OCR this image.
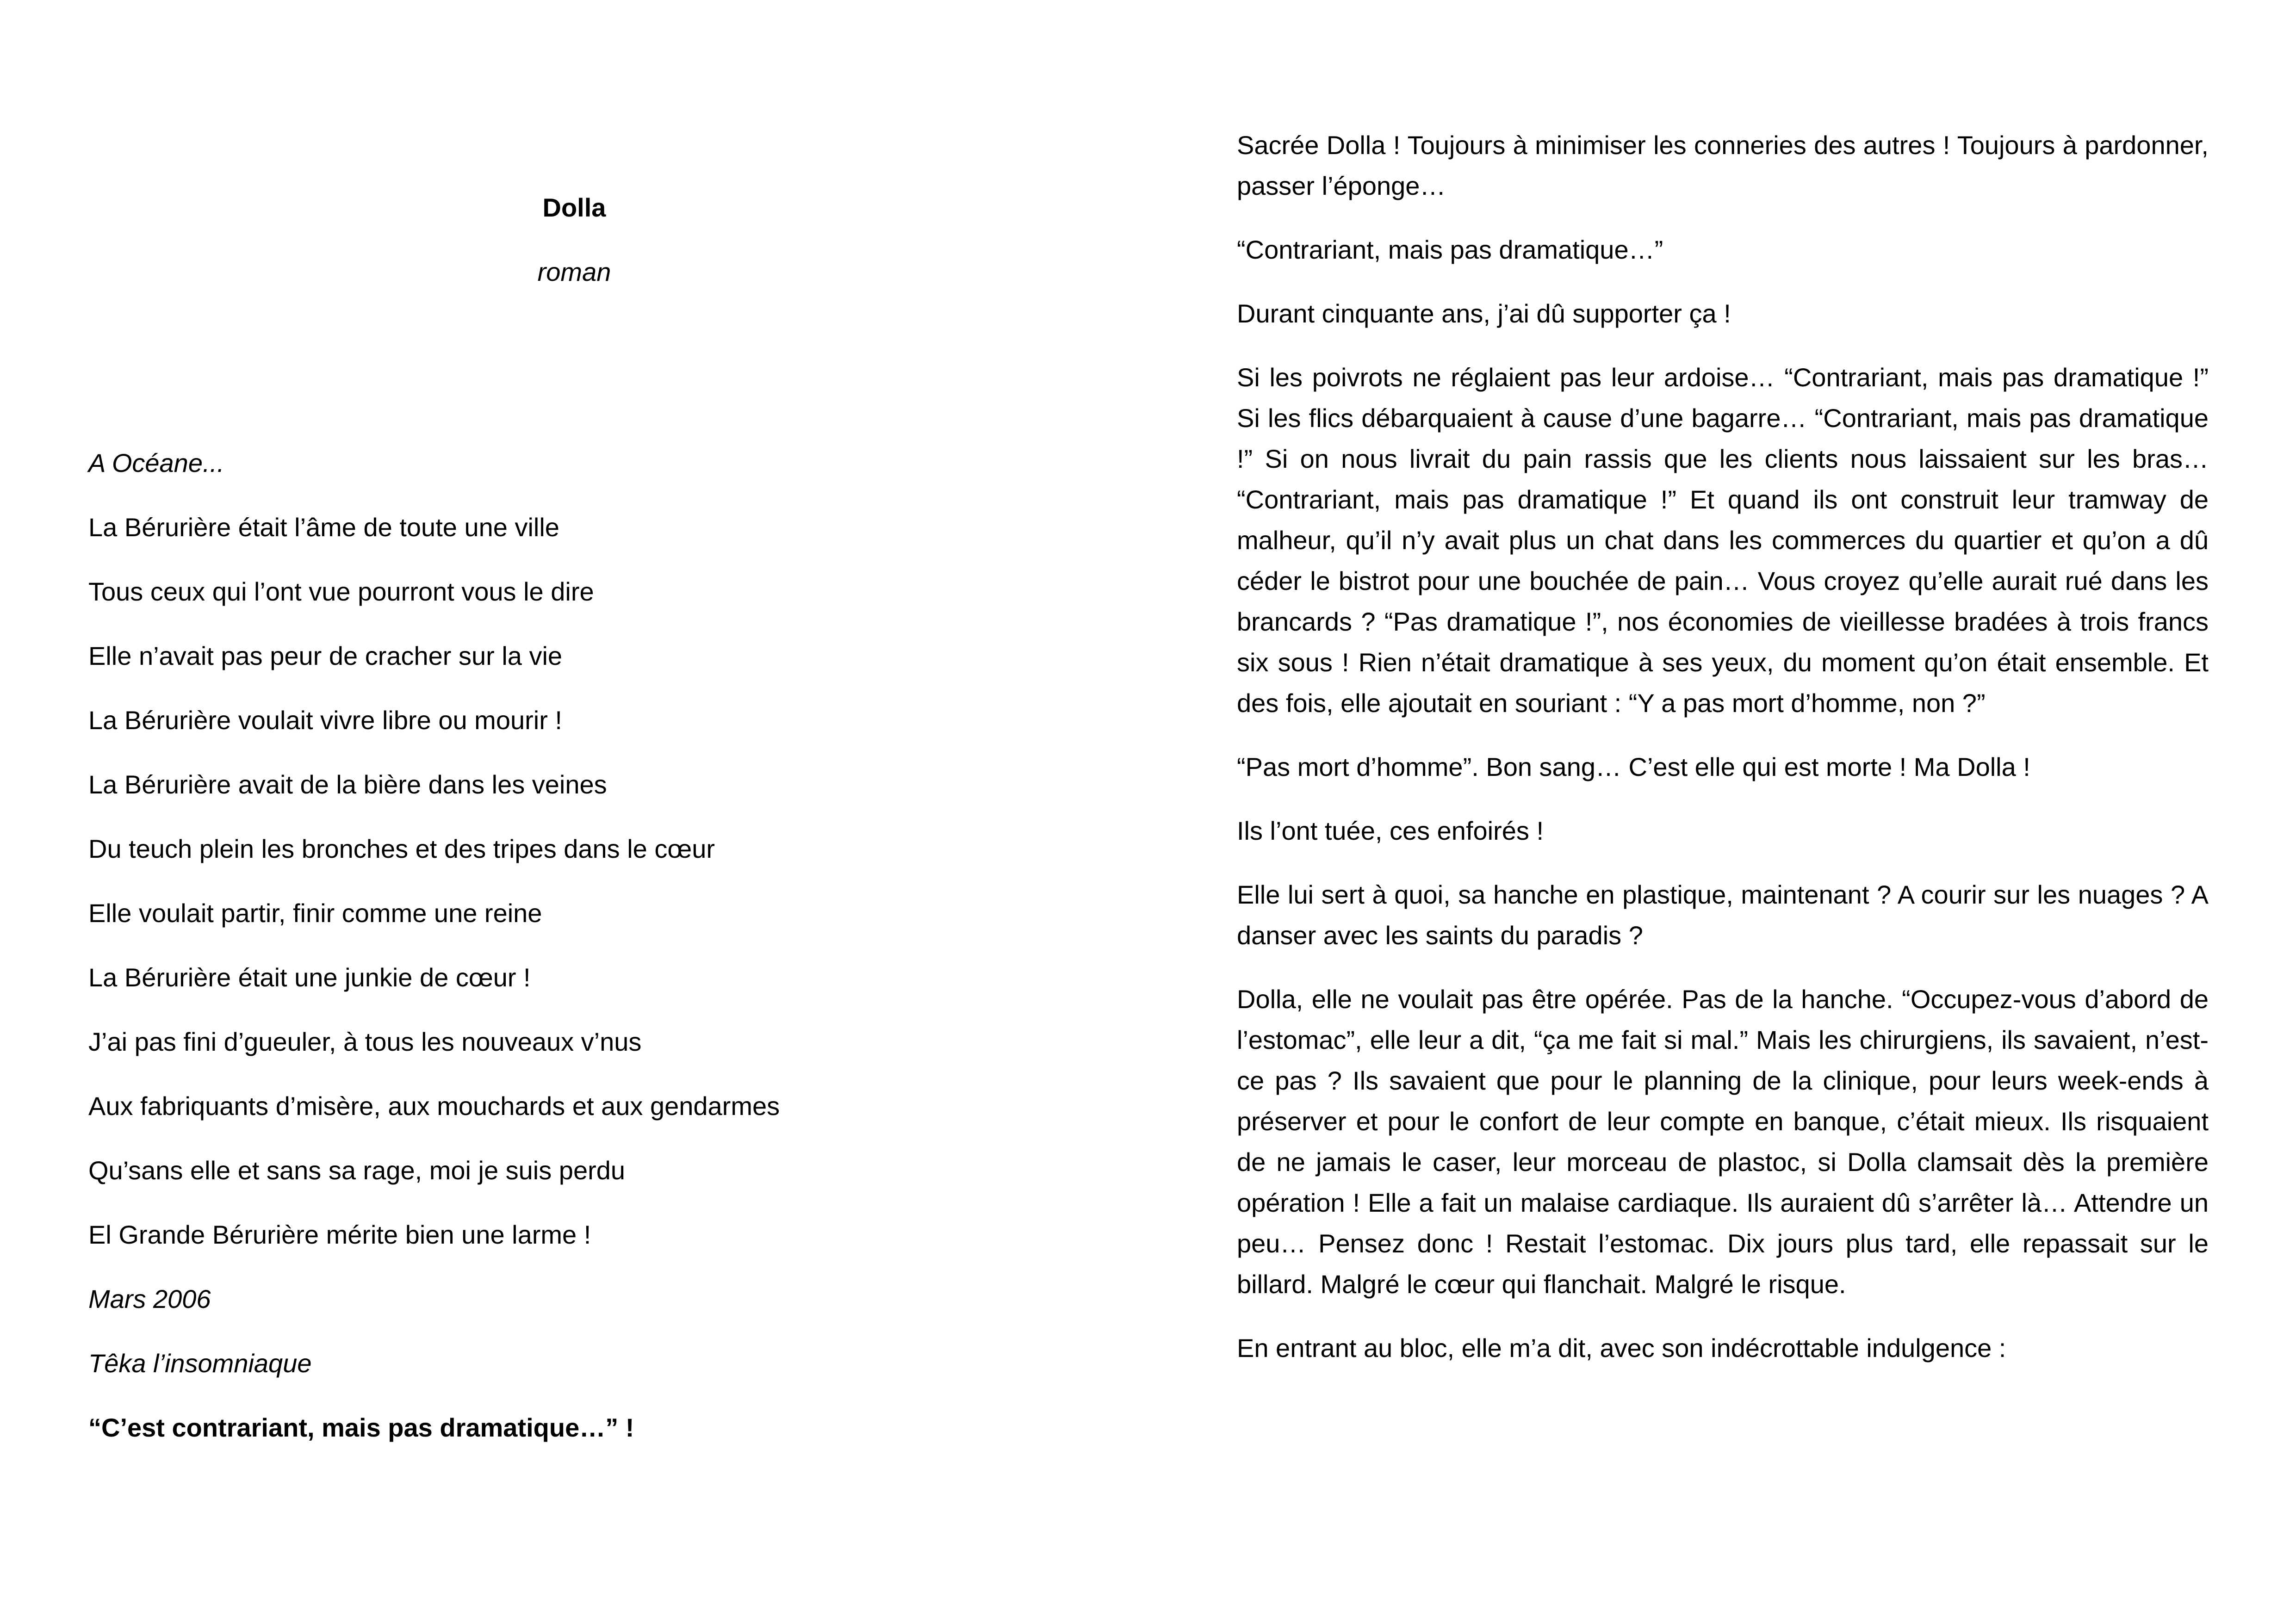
Dolla
roman
A Océane...
La Bérurière était l’âme de toute une ville
Tous ceux qui l’ont vue pourront vous le dire
Elle n’avait pas peur de cracher sur la vie
La Bérurière voulait vivre libre ou mourir !
La Bérurière avait de la bière dans les veines
Du teuch plein les bronches et des tripes dans le cœur
Elle voulait partir, finir comme une reine
La Bérurière était une junkie de cœur !
J’ai pas fini d’gueuler, à tous les nouveaux v’nus
Aux fabriquants d’misère, aux mouchards et aux gendarmes
Qu’sans elle et sans sa rage, moi je suis perdu
El Grande Bérurière mérite bien une larme !
Mars 2006
Têka l’insomniaque
“C’est contrariant, mais pas dramatique…” !

Sacrée Dolla ! Toujours à minimiser les conneries des autres ! Toujours à pardonner, passer l’éponge…

“Contrariant, mais pas dramatique…”

Durant cinquante ans, j’ai dû supporter ça !

Si les poivrots ne réglaient pas leur ardoise… “Contrariant, mais pas dramatique !” Si les flics débarquaient à cause d’une bagarre… “Contrariant, mais pas dramatique !” Si on nous livrait du pain rassis que les clients nous laissaient sur les bras… “Contrariant, mais pas dramatique !” Et quand ils ont construit leur tramway de malheur, qu’il n’y avait plus un chat dans les commerces du quartier et qu’on a dû céder le bistrot pour une bouchée de pain… Vous croyez qu’elle aurait rué dans les brancards ? “Pas dramatique !”, nos économies de vieillesse bradées à trois francs six sous ! Rien n’était dramatique à ses yeux, du moment qu’on était ensemble. Et des fois, elle ajoutait en souriant : “Y a pas mort d’homme, non ?”

“Pas mort d’homme”. Bon sang… C’est elle qui est morte ! Ma Dolla !

Ils l’ont tuée, ces enfoirés !

Elle lui sert à quoi, sa hanche en plastique, maintenant ? A courir sur les nuages ? A danser avec les saints du paradis ?

Dolla, elle ne voulait pas être opérée. Pas de la hanche. “Occupez-vous d’abord de l’estomac”, elle leur a dit, “ça me fait si mal.” Mais les chirurgiens, ils savaient, n’est-ce pas ? Ils savaient que pour le planning de la clinique, pour leurs week-ends à préserver et pour le confort de leur compte en banque, c’était mieux. Ils risquaient de ne jamais le caser, leur morceau de plastoc, si Dolla clamsait dès la première opération ! Elle a fait un malaise cardiaque. Ils auraient dû s’arrêter là… Attendre un peu… Pensez donc ! Restait l’estomac. Dix jours plus tard, elle repassait sur le billard. Malgré le cœur qui flanchait. Malgré le risque.

En entrant au bloc, elle m’a dit, avec son indécrottable indulgence :
